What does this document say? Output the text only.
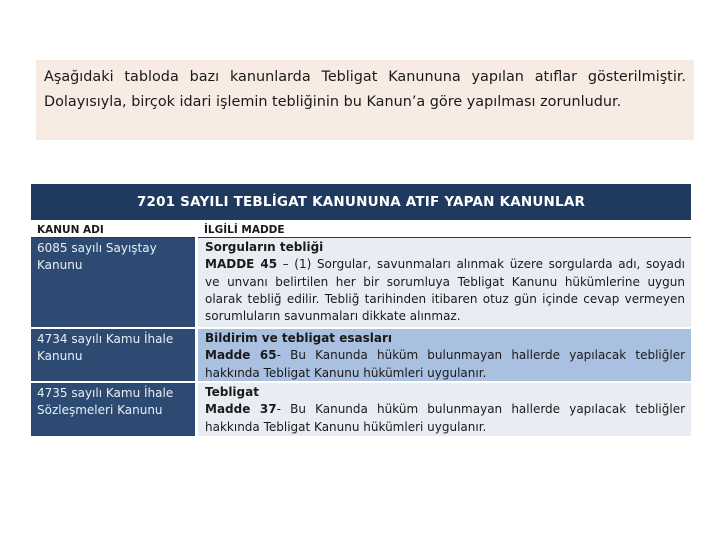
Aşağıdaki tabloda bazı kanunlarda Tebligat Kanununa yapılan atıflar gösterilmiştir. Dolayısıyla, birçok idari işlemin tebliğinin bu Kanun’a göre yapılması zorunludur.
7201 SAYILI TEBLİGAT KANUNUNA ATIF YAPAN KANUNLAR
KANUN ADI	İLGİLİ MADDE
6085 sayılı Sayıştay Kanunu
Sorguların tebliği
MADDE 45 – (1) Sorgular, savunmaları alınmak üzere sorgularda adı, soyadı ve unvanı belirtilen her bir sorumluya Tebligat Kanunu hükümlerine uygun olarak tebliğ edilir. Tebliğ tarihinden itibaren otuz gün içinde cevap vermeyen sorumluların savunmaları dikkate alınmaz.
4734 sayılı Kamu İhale Kanunu
Bildirim ve tebligat esasları
Madde 65- Bu Kanunda hüküm bulunmayan hallerde yapılacak tebliğler hakkında Tebligat Kanunu hükümleri uygulanır.
4735 sayılı Kamu İhale Sözleşmeleri Kanunu
Tebligat
Madde 37- Bu Kanunda hüküm bulunmayan hallerde yapılacak tebliğler hakkında Tebligat Kanunu hükümleri uygulanır.
